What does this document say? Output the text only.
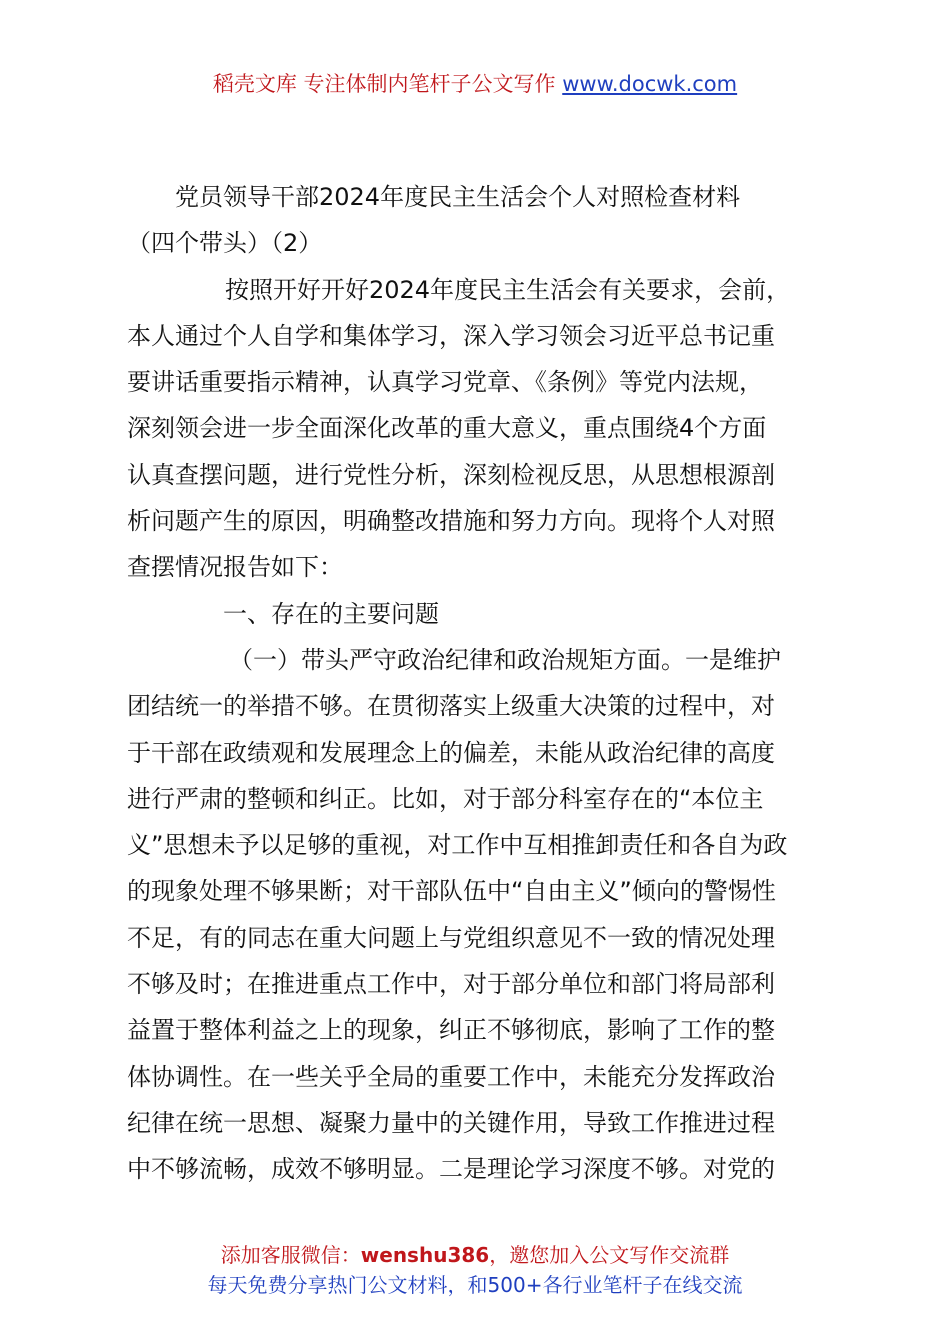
稻壳文库 专注体制内笔杆子公文写作 www.docwk.com
党员领导干部2024年度民主生活会个人对照检查材料
（四个带头）（2）
按照开好开好2024年度民主生活会有关要求，会前，
本人通过个人自学和集体学习，深入学习领会习近平总书记重
要讲话重要指示精神，认真学习党章、《条例》等党内法规，
深刻领会进一步全面深化改革的重大意义，重点围绕4个方面
认真查摆问题，进行党性分析，深刻检视反思，从思想根源剖
析问题产生的原因，明确整改措施和努力方向。现将个人对照
查摆情况报告如下：
一、存在的主要问题
（一）带头严守政治纪律和政治规矩方面。一是维护
团结统一的举措不够。在贯彻落实上级重大决策的过程中，对
于干部在政绩观和发展理念上的偏差，未能从政治纪律的高度
进行严肃的整顿和纠正。比如，对于部分科室存在的“本位主
义”思想未予以足够的重视，对工作中互相推卸责任和各自为政
的现象处理不够果断；对干部队伍中“自由主义”倾向的警惕性
不足，有的同志在重大问题上与党组织意见不一致的情况处理
不够及时；在推进重点工作中，对于部分单位和部门将局部利
益置于整体利益之上的现象，纠正不够彻底，影响了工作的整
体协调性。在一些关乎全局的重要工作中，未能充分发挥政治
纪律在统一思想、凝聚力量中的关键作用，导致工作推进过程
中不够流畅，成效不够明显。二是理论学习深度不够。对党的
添加客服微信：wenshu386，邀您加入公文写作交流群
每天免费分享热门公文材料，和500+各行业笔杆子在线交流
